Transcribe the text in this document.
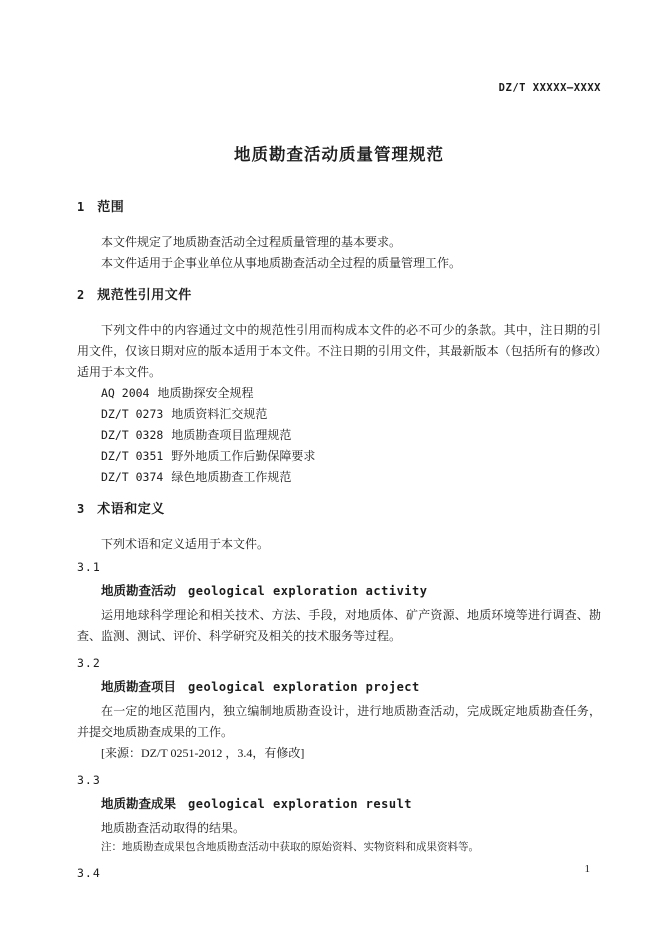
DZ/T XXXXX—XXXX
地质勘查活动质量管理规范
1 范围

本文件规定了地质勘查活动全过程质量管理的基本要求。

本文件适用于企事业单位从事地质勘查活动全过程的质量管理工作。

2 规范性引用文件

下列文件中的内容通过文中的规范性引用而构成本文件的必不可少的条款。其中，注日期的引用文件，仅该日期对应的版本适用于本文件。不注日期的引用文件，其最新版本（包括所有的修改）适用于本文件。

AQ 2004 地质勘探安全规程
DZ/T 0273 地质资料汇交规范
DZ/T 0328 地质勘查项目监理规范
DZ/T 0351 野外地质工作后勤保障要求
DZ/T 0374 绿色地质勘查工作规范
3 术语和定义

下列术语和定义适用于本文件。

3.1
地质勘查活动 geological exploration activity

运用地球科学理论和相关技术、方法、手段，对地质体、矿产资源、地质环境等进行调查、勘查、监测、测试、评价、科学研究及相关的技术服务等过程。

3.2
地质勘查项目 geological exploration project

在一定的地区范围内，独立编制地质勘查设计，进行地质勘查活动，完成既定地质勘查任务，并提交地质勘查成果的工作。

[来源：DZ/T 0251-2012 ，3.4，有修改]
3.3
地质勘查成果 geological exploration result

地质勘查活动取得的结果。

注：地质勘查成果包含地质勘查活动中获取的原始资料、实物资料和成果资料等。
3.4	1
